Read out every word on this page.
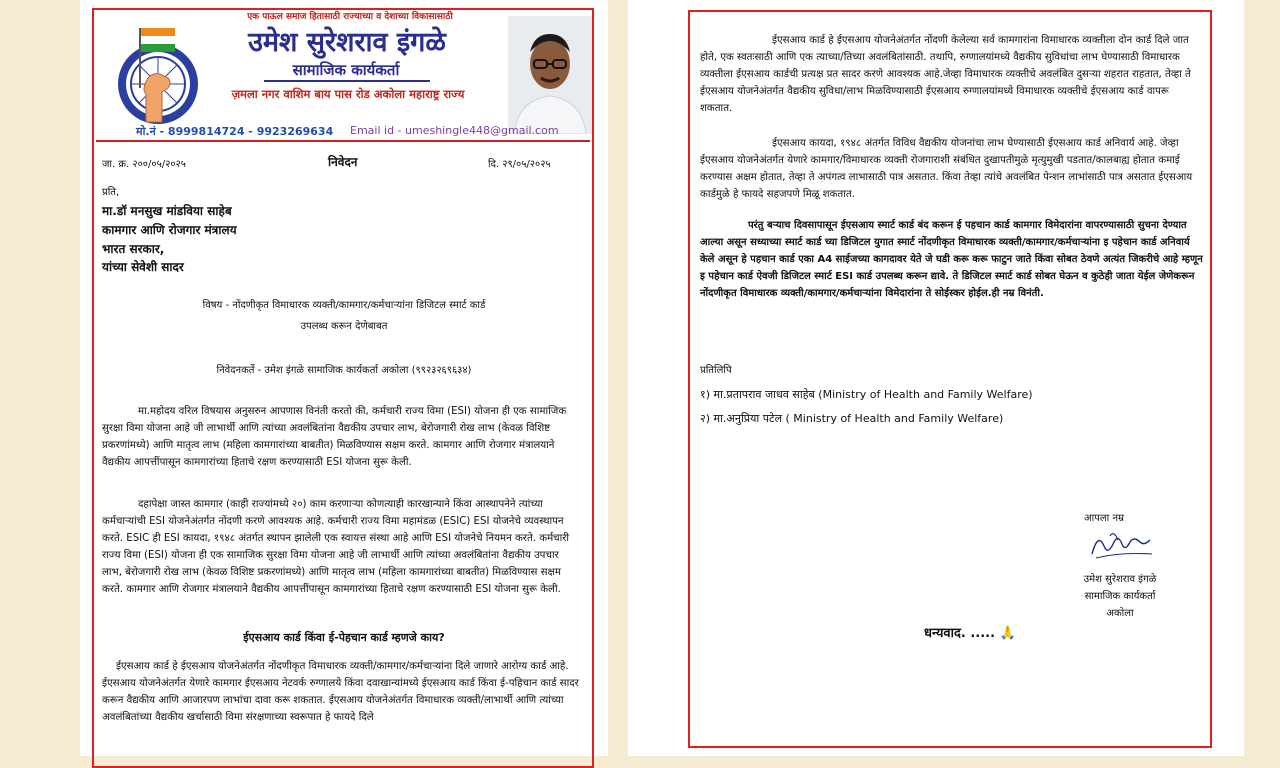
एक पाऊल समाज हितासाठी राज्याच्या व देशाच्या विकासासाठी
उमेश सुरेशराव इंगळे
सामाजिक कार्यकर्ता
ज़मला नगर वाशिम बाय पास रोड अकोला महाराष्ट्र राज्य
मो.नं - 8999814724 - 9923269634 Email id - umeshingle448@gmail.com
जा. क्र. २००/०५/२०२५	निवेदन	दि. २९/०५/२०२५
प्रति,
मा.डॉ मनसुख मांडविया साहेब
कामगार आणि रोजगार मंत्रालय
भारत सरकार,
यांच्या सेवेशी सादर
विषय - नोंदणीकृत विमाधारक व्यक्ती/कामगार/कर्मचाऱ्यांना डिजिटल स्मार्ट कार्ड
उपलब्ध करून देणेबाबत
निवेदनकर्ते - उमेश इंगळे सामाजिक कार्यकर्ता अकोला (९९२३२६९६३४)

मा.महोदय वरिल विषयास अनुसरुन आपणास विनंती करतो की, कर्मचारी राज्य विमा (ESI) योजना ही एक सामाजिक सुरक्षा विमा योजना आहे जी लाभार्थी आणि त्यांच्या अवलंबितांना वैद्यकीय उपचार लाभ, बेरोजगारी रोख लाभ (केवळ विशिष्ट प्रकरणांमध्ये) आणि मातृत्व लाभ (महिला कामगारांच्या बाबतीत) मिळविण्यास सक्षम करते. कामगार आणि रोजगार मंत्रालयाने वैद्यकीय आपत्तींपासून कामगारांच्या हिताचे रक्षण करण्यासाठी ESI योजना सुरू केली.

दहापेक्षा जास्त कामगार (काही राज्यांमध्ये २०) काम करणाऱ्या कोणत्याही कारखान्याने किंवा आस्थापनेने त्यांच्या कर्मचाऱ्यांची ESI योजनेअंतर्गत नोंदणी करणे आवश्यक आहे. कर्मचारी राज्य विमा महामंडळ (ESIC) ESI योजनेचे व्यवस्थापन करते. ESIC ही ESI कायदा, १९४८ अंतर्गत स्थापन झालेली एक स्वायत्त संस्था आहे आणि ESI योजनेचे नियमन करते. कर्मचारी राज्य विमा (ESI) योजना ही एक सामाजिक सुरक्षा विमा योजना आहे जी लाभार्थी आणि त्यांच्या अवलंबितांना वैद्यकीय उपचार लाभ, बेरोजगारी रोख लाभ (केवळ विशिष्ट प्रकरणांमध्ये) आणि मातृत्व लाभ (महिला कामगारांच्या बाबतीत) मिळविण्यास सक्षम करते. कामगार आणि रोजगार मंत्रालयाने वैद्यकीय आपत्तींपासून कामगारांच्या हिताचे रक्षण करण्यासाठी ESI योजना सुरू केली.

ईएसआय कार्ड किंवा ई-पेहचान कार्ड म्हणजे काय?

ईएसआय कार्ड हे ईएसआय योजनेअंतर्गत नोंदणीकृत विमाधारक व्यक्ती/कामगार/कर्मचाऱ्यांना दिले जाणारे आरोग्य कार्ड आहे. ईएसआय योजनेअंतर्गत येणारे कामगार ईएसआय नेटवर्क रुग्णालये किंवा दवाखान्यांमध्ये ईएसआय कार्ड किंवा ई-पहिचान कार्ड सादर करून वैद्यकीय आणि आजारपण लाभांचा दावा करू शकतात. ईएसआय योजनेअंतर्गत विमाधारक व्यक्ती/लाभार्थी आणि त्यांच्या अवलंबितांच्या वैद्यकीय खर्चासाठी विमा संरक्षणाच्या स्वरूपात हे फायदे दिले

ईएसआय कार्ड हे ईएसआय योजनेअंतर्गत नोंदणी केलेल्या सर्व कामगारांना विमाधारक व्यक्तीला दोन कार्ड दिले जात होते, एक स्वतःसाठी आणि एक त्याच्या/तिच्या अवलंबितांसाठी. तथापि, रुग्णालयांमध्ये वैद्यकीय सुविधांचा लाभ घेण्यासाठी विमाधारक व्यक्तीला ईएसआय कार्डची प्रत्यक्ष प्रत सादर करणे आवश्यक आहे.जेव्हा विमाधारक व्यक्तीचे अवलंबित दुसऱ्या शहरात राहतात, तेव्हा ते ईएसआय योजनेअंतर्गत वैद्यकीय सुविधा/लाभ मिळविण्यासाठी ईएसआय रुग्णालयांमध्ये विमाधारक व्यक्तीचे ईएसआय कार्ड वापरू शकतात.

ईएसआय कायदा, १९४८ अंतर्गत विविध वैद्यकीय योजनांचा लाभ घेण्यासाठी ईएसआय कार्ड अनिवार्य आहे. जेव्हा ईएसआय योजनेअंतर्गत येणारे कामगार/विमाधारक व्यक्ती रोजगाराशी संबंधित दुखापतीमुळे मृत्युमुखी पडतात/कालबाह्य होतात कमाई करण्यास अक्षम होतात, तेव्हा ते अपंगत्व लाभासाठी पात्र असतात. किंवा तेव्हा त्यांचे अवलंबित पेन्शन लाभांसाठी पात्र असतात ईएसआय कार्डमुळे हे फायदे सहजपणे मिळू शकतात.

परंतु बऱ्याच दिवसापासून ईएसआय स्मार्ट कार्ड बंद करून ई पहचान कार्ड कामगार विमेदारांना वापरण्यासाठी सुचना देण्यात आल्या असून सध्याच्या स्मार्ट कार्ड च्या डिजिटल युगात स्मार्ट नोंदणीकृत विमाधारक व्यक्ती/कामगार/कर्मचाऱ्यांना इ पहेचान कार्ड अनिवार्य केले असून हे पहचान कार्ड एका A4 साईजच्या कागदावर येते जे घडी करू करू फाटुन जाते किंवा सोबत ठेवणे अत्यंत जिकरीचे आहे म्हणून इ पहेचान कार्ड ऐवजी डिजिटल स्मार्ट ESI कार्ड उपलब्ध करून द्यावे. ते डिजिटल स्मार्ट कार्ड सोबत घेऊन व कुठेही जाता येईल जेणेकरून नोंदणीकृत विमाधारक व्यक्ती/कामगार/कर्मचाऱ्यांना विमेदारांना ते सोईस्कर होईल.ही नम्र विनंती.

प्रतिलिपि
१) मा.प्रतापराव जाधव साहेब (Ministry of Health and Family Welfare)
२) मा.अनुप्रिया पटेल ( Ministry of Health and Family Welfare)
आपला नम्र
उमेश सुरेशराव इंगळे
सामाजिक कार्यकर्ता
अकोला
धन्यवाद. ..... 🙏
